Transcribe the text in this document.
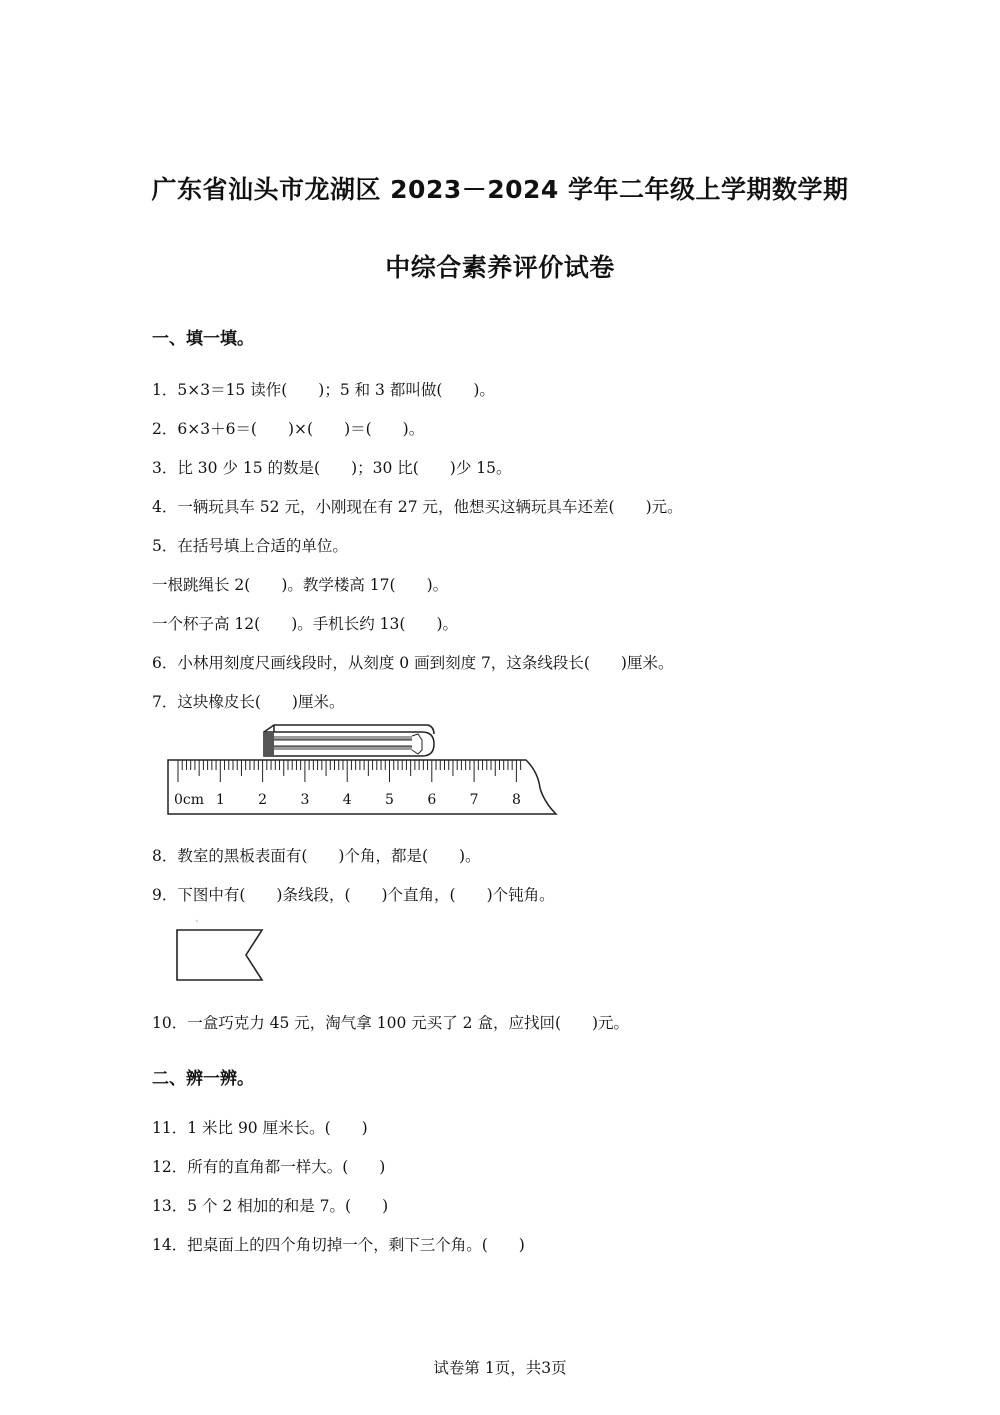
广东省汕头市龙湖区 2023－2024 学年二年级上学期数学期
中综合素养评价试卷
一、填一填。
1．5×3＝15 读作(　　)；5 和 3 都叫做(　　)。
2．6×3＋6＝(　　)×(　　)＝(　　)。
3．比 30 少 15 的数是(　　)；30 比(　　)少 15。
4．一辆玩具车 52 元，小刚现在有 27 元，他想买这辆玩具车还差(　　)元。
5．在括号填上合适的单位。
一根跳绳长 2(　　)。教学楼高 17(　　)。
一个杯子高 12(　　)。手机长约 13(　　)。
6．小林用刻度尺画线段时，从刻度 0 画到刻度 7，这条线段长(　　)厘米。
7．这块橡皮长(　　)厘米。
0cm 1 2 3 4 5 6 7 8
8．教室的黑板表面有(　　)个角，都是(　　)。
9．下图中有(　　)条线段，(　　)个直角，(　　)个钝角。
10．一盒巧克力 45 元，淘气拿 100 元买了 2 盒，应找回(　　)元。
二、辨一辨。
11．1 米比 90 厘米长。(　　)
12．所有的直角都一样大。(　　)
13．5 个 2 相加的和是 7。(　　)
14．把桌面上的四个角切掉一个，剩下三个角。(　　)
试卷第 1页，共3页
